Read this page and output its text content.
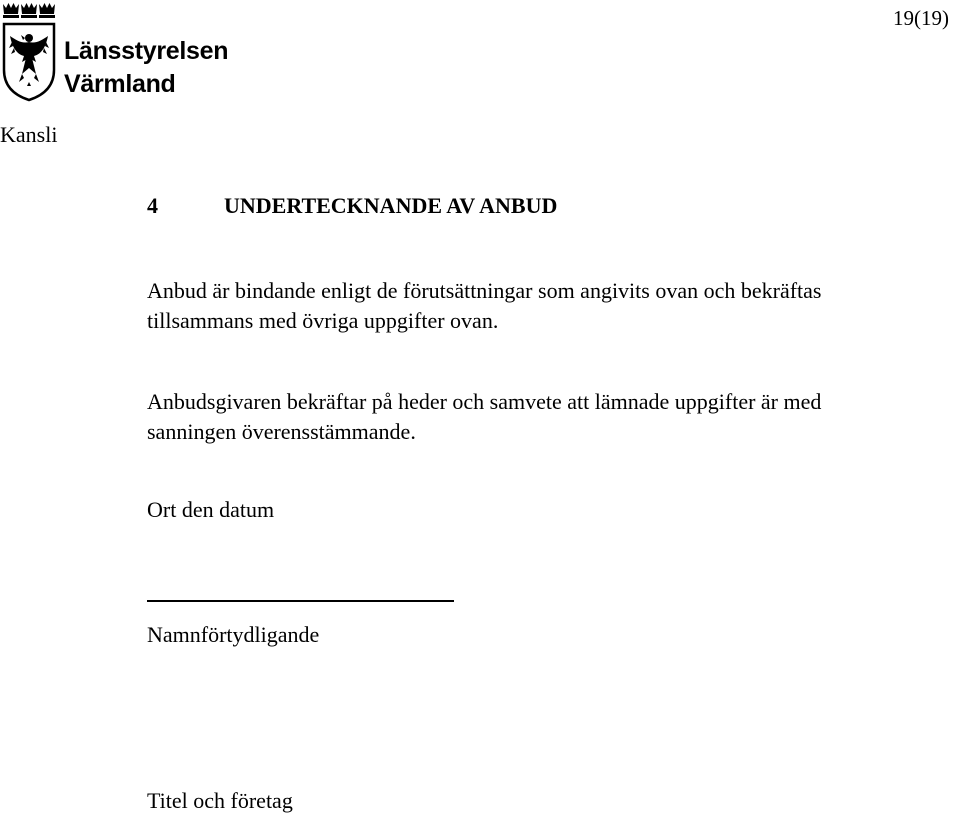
Länsstyrelsen
Värmland
19(19)
Kansli
4	UNDERTECKNANDE AV ANBUD
Anbud är bindande enligt de förutsättningar som angivits ovan och bekräftas
tillsammans med övriga uppgifter ovan.
Anbudsgivaren bekräftar på heder och samvete att lämnade uppgifter är med
sanningen överensstämmande.
Ort den datum
Namnförtydligande
Titel och företag
